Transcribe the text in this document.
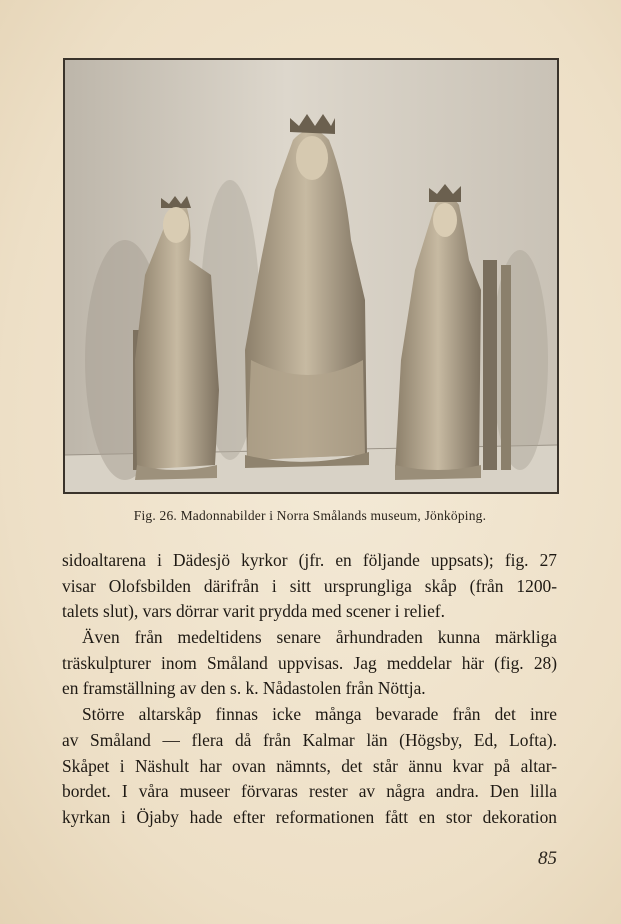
Fig. 26. Madonnabilder i Norra Smålands museum, Jönköping.
sidoaltarena i Dädesjö kyrkor (jfr. en följande uppsats); fig. 27
visar Olofsbilden därifrån i sitt ursprungliga skåp (från 1200-
talets slut), vars dörrar varit prydda med scener i relief.
Även från medeltidens senare århundraden kunna märkliga
träskulpturer inom Småland uppvisas. Jag meddelar här (fig. 28)
en framställning av den s. k. Nådastolen från Nöttja.
Större altarskåp finnas icke många bevarade från det inre
av Småland — flera då från Kalmar län (Högsby, Ed, Lofta).
Skåpet i Näshult har ovan nämnts, det står ännu kvar på altar-
bordet. I våra museer förvaras rester av några andra. Den lilla
kyrkan i Öjaby hade efter reformationen fått en stor dekoration
85
